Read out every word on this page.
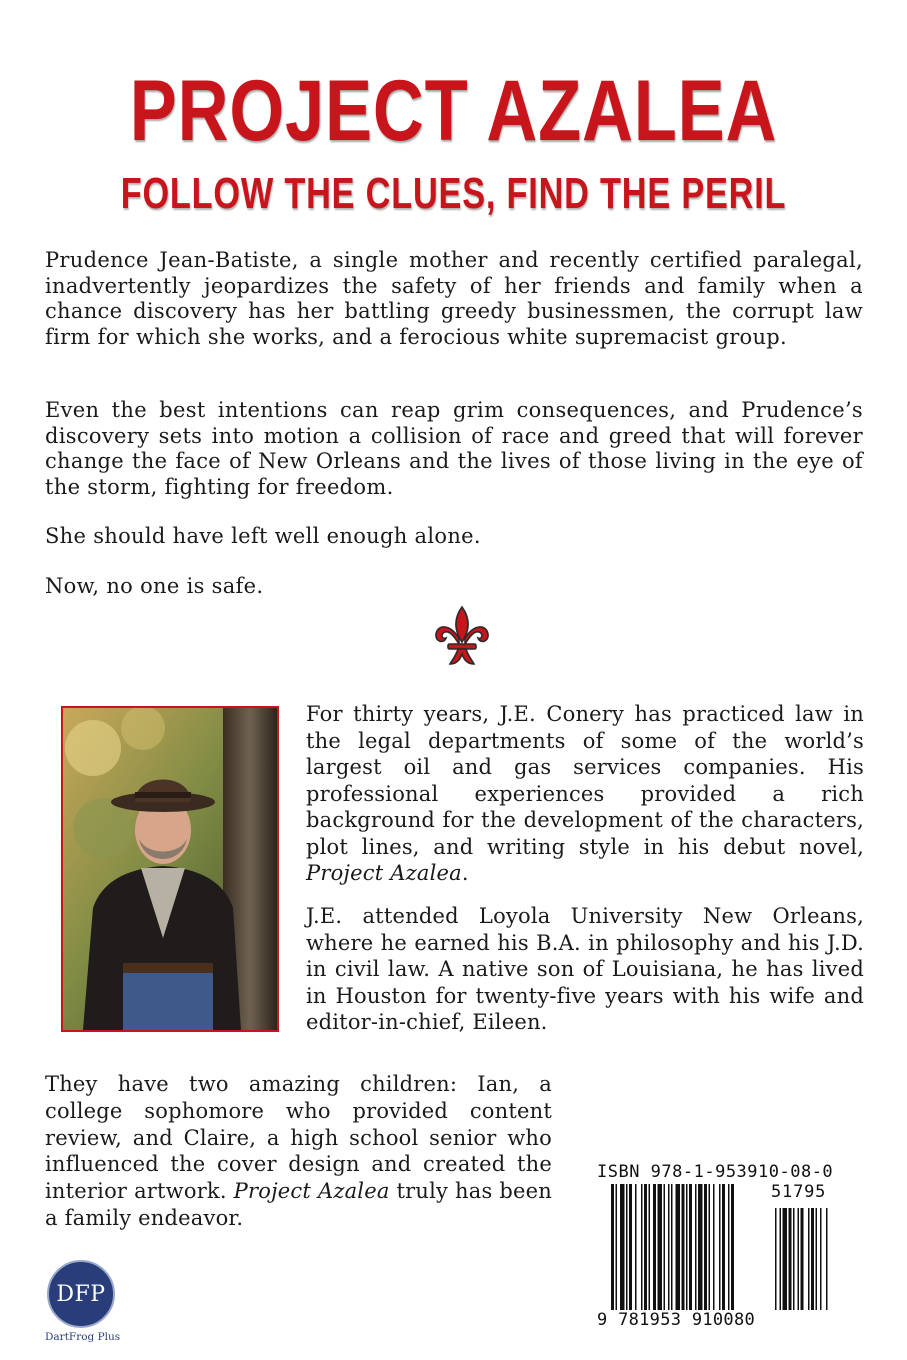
PROJECT AZALEA
FOLLOW THE CLUES, FIND THE PERIL

Prudence Jean-Batiste, a single mother and recently certified paralegal, inadvertently jeopardizes the safety of her friends and family when a chance discovery has her battling greedy businessmen, the corrupt law firm for which she works, and a ferocious white supremacist group.

Even the best intentions can reap grim consequences, and Prudence’s discovery sets into motion a collision of race and greed that will forever change the face of New Orleans and the lives of those living in the eye of the storm, fighting for freedom.

She should have left well enough alone.

Now, no one is safe.

For thirty years, J.E. Conery has practiced law in the legal departments of some of the world’s largest oil and gas services companies. His professional experiences provided a rich background for the development of the characters, plot lines, and writing style in his debut novel, Project Azalea.

J.E. attended Loyola University New Orleans, where he earned his B.A. in philosophy and his J.D. in civil law. A native son of Louisiana, he has lived in Houston for twenty-five years with his wife and editor-in-chief, Eileen.

They have two amazing children: Ian, a college sophomore who provided content review, and Claire, a high school senior who influenced the cover design and created the interior artwork. Project Azalea truly has been a family endeavor.

ISBN 978-1-953910-08-0
51795
9 781953 910080
DFP
DartFrog Plus
